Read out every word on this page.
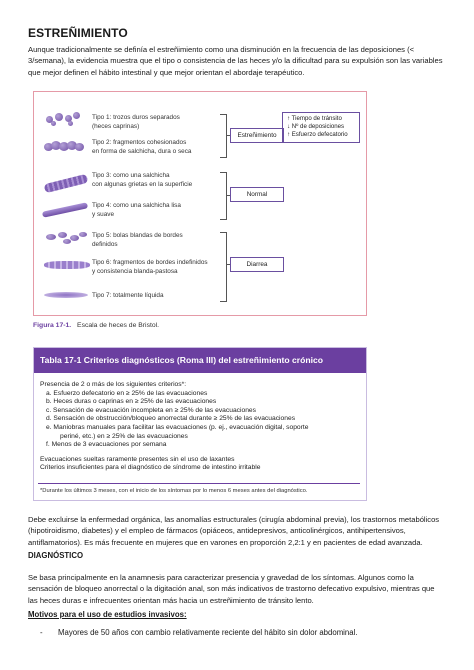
ESTREÑIMIENTO
Aunque tradicionalmente se definía el estreñimiento como una disminución en la frecuencia de las deposiciones (< 3/semana), la evidencia muestra que el tipo o consistencia de las heces y/o la dificultad para su expulsión son las variables que mejor definen el hábito intestinal y que mejor orientan el abordaje terapéutico.
Tipo 1: trozos duros separados
(heces caprinas)
Tipo 2: fragmentos cohesionados
en forma de salchicha, dura o seca
Tipo 3: como una salchicha
con algunas grietas en la superficie
Tipo 4: como una salchicha lisa
y suave
Tipo 5: bolas blandas de bordes
definidos
Tipo 6: fragmentos de bordes indefinidos
y consistencia blanda-pastosa
Tipo 7: totalmente líquida
Estreñimiento
↑ Tiempo de tránsito
↓ Nº de deposiciones
↑ Esfuerzo defecatorio
Normal
Diarrea
Figura 17-1. Escala de heces de Bristol.
Tabla 17-1 Criterios diagnósticos (Roma III) del estreñimiento crónico
Presencia de 2 o más de los siguientes criterios*:
a. Esfuerzo defecatorio en ≥ 25% de las evacuaciones
b. Heces duras o caprinas en ≥ 25% de las evacuaciones
c. Sensación de evacuación incompleta en ≥ 25% de las evacuaciones
d. Sensación de obstrucción/bloqueo anorrectal durante ≥ 25% de las evacuaciones
e. Maniobras manuales para facilitar las evacuaciones (p. ej., evacuación digital, soporte
periné, etc.) en ≥ 25% de las evacuaciones
f. Menos de 3 evacuaciones por semana
Evacuaciones sueltas raramente presentes sin el uso de laxantes
Criterios insuficientes para el diagnóstico de síndrome de intestino irritable
*Durante los últimos 3 meses, con el inicio de los síntomas por lo menos 6 meses antes del diagnóstico.
Debe excluirse la enfermedad orgánica, las anomalías estructurales (cirugía abdominal previa), los trastornos metabólicos (hipotiroidismo, diabetes) y el empleo de fármacos (opiáceos, antidepresivos, anticolinérgicos, antihipertensivos, antiflamatorios). Es más frecuente en mujeres que en varones en proporción 2,2:1 y en pacientes de edad avanzada.
DIAGNÓSTICO
Se basa principalmente en la anamnesis para caracterizar presencia y gravedad de los síntomas. Algunos como la sensación de bloqueo anorrectal o la digitación anal, son más indicativos de trastorno defecativo expulsivo, mientras que las heces duras e infrecuentes orientan más hacia un estreñimiento de tránsito lento.
Motivos para el uso de estudios invasivos:
- Mayores de 50 años con cambio relativamente reciente del hábito sin dolor abdominal.
